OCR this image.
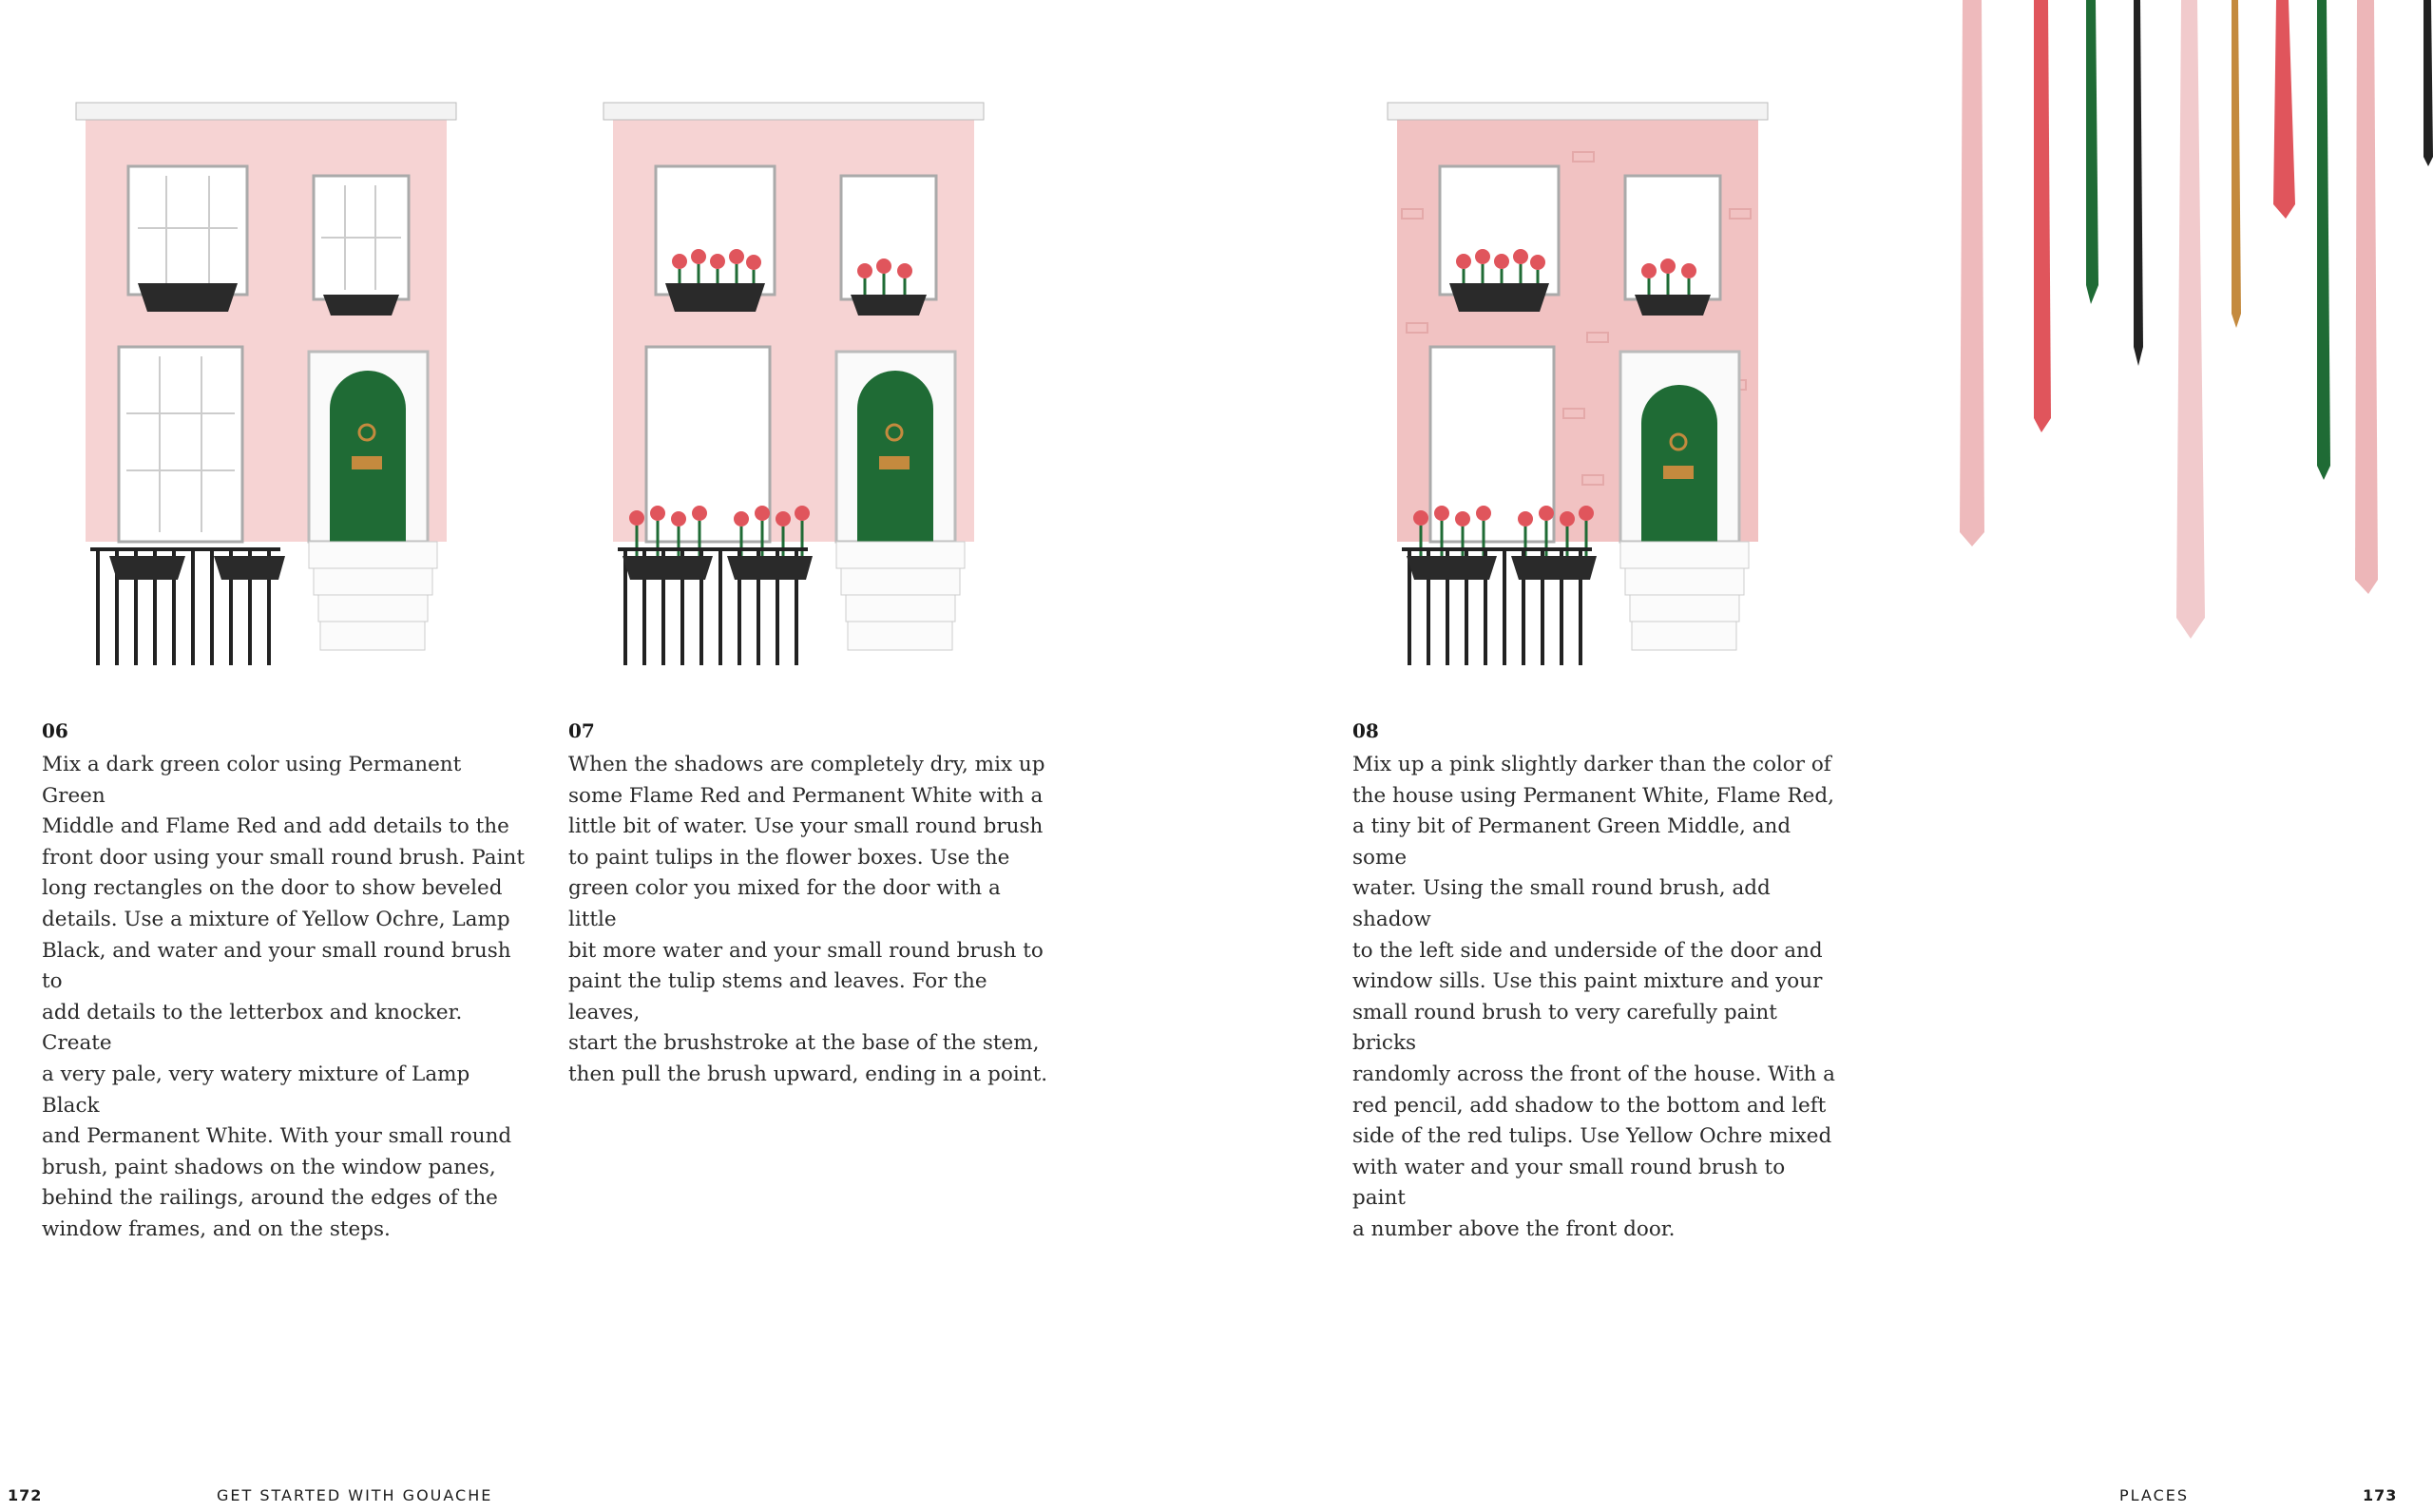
06

Mix a dark green color using Permanent Green
Middle and Flame Red and add details to the
front door using your small round brush. Paint
long rectangles on the door to show beveled
details. Use a mixture of Yellow Ochre, Lamp
Black, and water and your small round brush to
add details to the letterbox and knocker. Create
a very pale, very watery mixture of Lamp Black
and Permanent White. With your small round
brush, paint shadows on the window panes,
behind the railings, around the edges of the
window frames, and on the steps.

07

When the shadows are completely dry, mix up
some Flame Red and Permanent White with a
little bit of water. Use your small round brush
to paint tulips in the flower boxes. Use the
green color you mixed for the door with a little
bit more water and your small round brush to
paint the tulip stems and leaves. For the leaves,
start the brushstroke at the base of the stem,
then pull the brush upward, ending in a point.

08

Mix up a pink slightly darker than the color of
the house using Permanent White, Flame Red,
a tiny bit of Permanent Green Middle, and some
water. Using the small round brush, add shadow
to the left side and underside of the door and
window sills. Use this paint mixture and your
small round brush to very carefully paint bricks
randomly across the front of the house. With a
red pencil, add shadow to the bottom and left
side of the red tulips. Use Yellow Ochre mixed
with water and your small round brush to paint
a number above the front door.

172	GET STARTED WITH GOUACHE	PLACES	173
